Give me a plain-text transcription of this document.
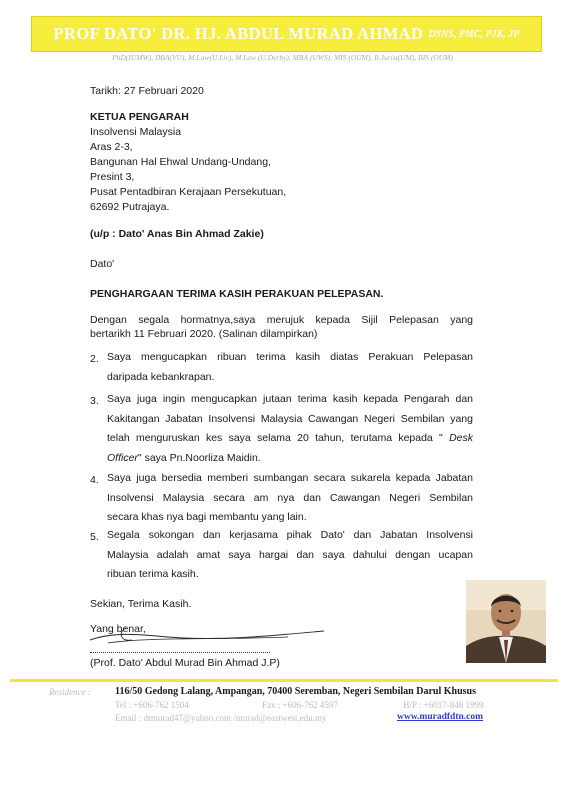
PROF DATO' DR. HJ. ABDUL MURAD AHMAD DSNS, PMC, PJK, JP
PhD(IUMW), DBA(VU), M.Law(U.Liv), M.Law (U.Derby), MBA (UWS), MIS (OUM), B.Jurist(UM), BIS (OUM)
Tarikh: 27 Februari 2020
KETUA PENGARAH
Insolvensi Malaysia
Aras 2-3,
Bangunan Hal Ehwal Undang-Undang,
Presint 3,
Pusat Pentadbiran Kerajaan Persekutuan,
62692 Putrajaya.
(u/p : Dato' Anas Bin Ahmad Zakie)
Dato'
PENGHARGAAN TERIMA KASIH PERAKUAN PELEPASAN.
Dengan segala hormatnya,saya merujuk kepada Sijil Pelepasan yang
bertarikh 11 Februari 2020. (Salinan dilampirkan)
2. Saya mengucapkan ribuan terima kasih diatas Perakuan Pelepasan
daripada kebankrapan.
3. Saya juga ingin mengucapkan jutaan terima kasih kepada Pengarah dan
Kakitangan Jabatan Insolvensi Malaysia Cawangan Negeri Sembilan yang
telah menguruskan kes saya selama 20 tahun, terutama kepada " Desk
Officer" saya Pn.Noorliza Maidin.
4. Saya juga bersedia memberi sumbangan secara sukarela kepada Jabatan
Insolvensi Malaysia secara am nya dan Cawangan Negeri Sembilan
secara khas nya bagi membantu yang lain.
5. Segala sokongan dan kerjasama pihak Dato' dan Jabatan Insolvensi
Malaysia adalah amat saya hargai dan saya dahului dengan ucapan
ribuan terima kasih.
Sekian, Terima Kasih.
Yang benar,
(Prof. Dato' Abdul Murad Bin Ahmad J.P)
Residence : 116/50 Gedong Lalang, Ampangan, 70400 Seremban, Negeri Sembilan Darul Khusus
Tel : +606-762 1504	Fax : +606-762 4597	H/P : +6017-848 1999
Email : drmurad47@yahoo.com /murad@eastwest.edu.my	www.muradfdtn.com
